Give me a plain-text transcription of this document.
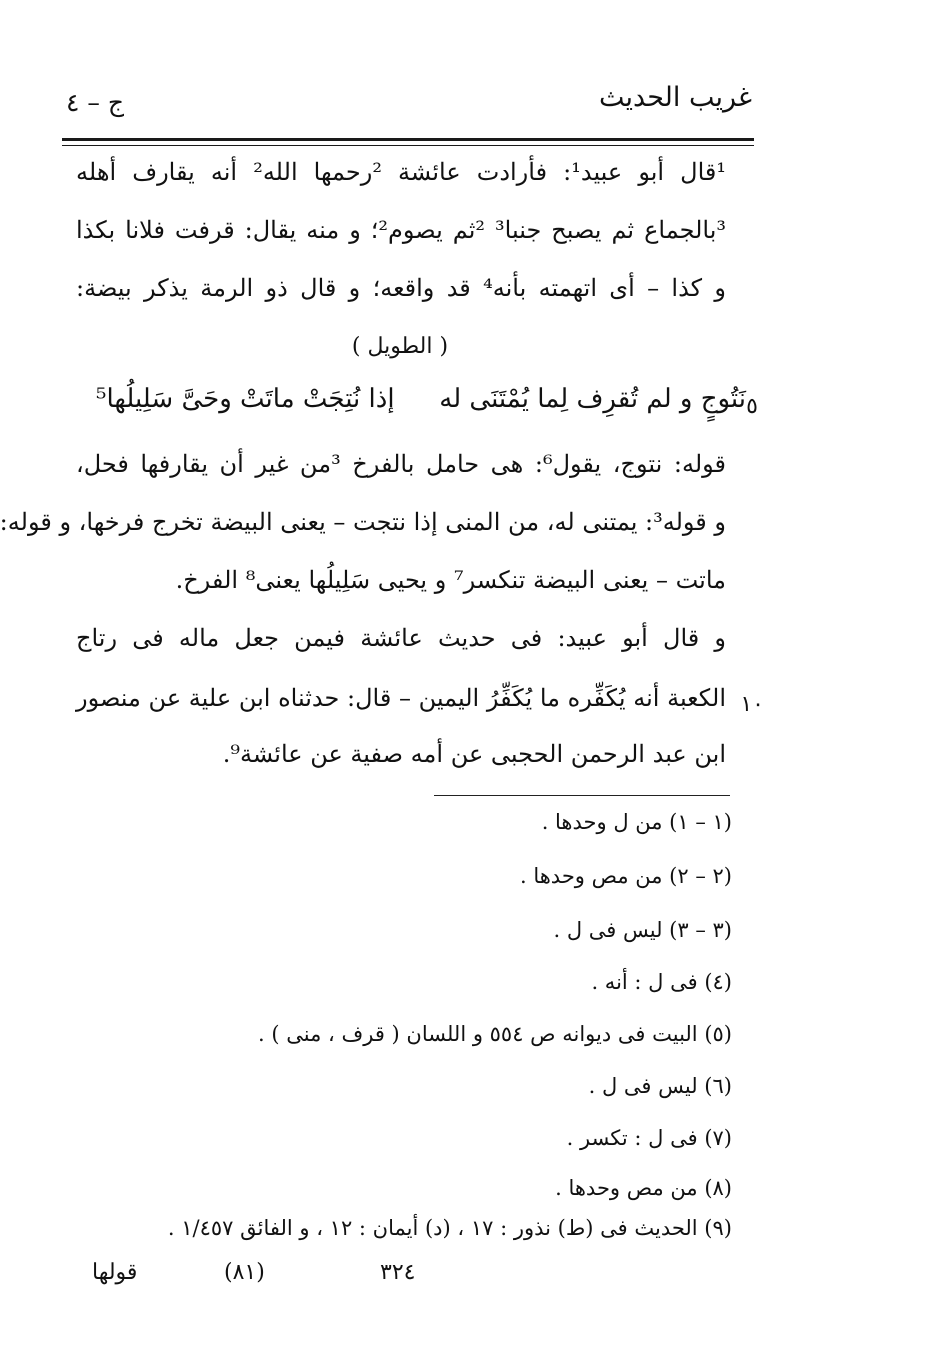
غريب الحديث
ج – ٤
¹قال أبو عبيد¹: فأرادت عائشة ²رحمها الله² أنه يقارف أهله
³بالجماع ثم يصبح جنبا³ ²ثم يصوم²؛ و منه يقال: قرفت فلانا بكذا
و كذا – أى اتهمته بأنه⁴ قد واقعه؛ و قال ذو الرمة يذكر بيضة:
( الطويل )
٥
نَتُوجٍ و لم تُقرِف لِما يُمْتَنَى له
إذا نُتِجَتْ ماتَتْ وحَىَّ سَلِيلُها⁵
قوله: نتوج، يقول⁶: هى حامل بالفرخ ³من غير أن يقارفها فحل،
و قوله³: يمتنى له، من المنى إذا نتجت – يعنى البيضة تخرج فرخها، و قوله:
ماتت – يعنى البيضة تنكسر⁷ و يحيى سَلِيلُها يعنى⁸ الفرخ.
و قال أبو عبيد: فى حديث عائشة فيمن جعل ماله فى رتاج
١٠
الكعبة أنه يُكَفِّره ما يُكَفِّرُ اليمين – قال: حدثناه ابن علية عن منصور
ابن عبد الرحمن الحجبى عن أمه صفية عن عائشة⁹.
(١ – ١) من ل وحدها .
(٢ – ٢) من مص وحدها .
(٣ – ٣) ليس فى ل .
(٤) فى ل : أنه .
(٥) البيت فى ديوانه ص ٥٥٤ و اللسان ( قرف ، منى ) .
(٦) ليس فى ل .
(٧) فى ل : تكسر .
(٨) من مص وحدها .
(٩) الحديث فى (ط) نذور : ١٧ ، (د) أيمان : ١٢ ، و الفائق ١/٤٥٧ .
٣٢٤
(٨١)
قولها
